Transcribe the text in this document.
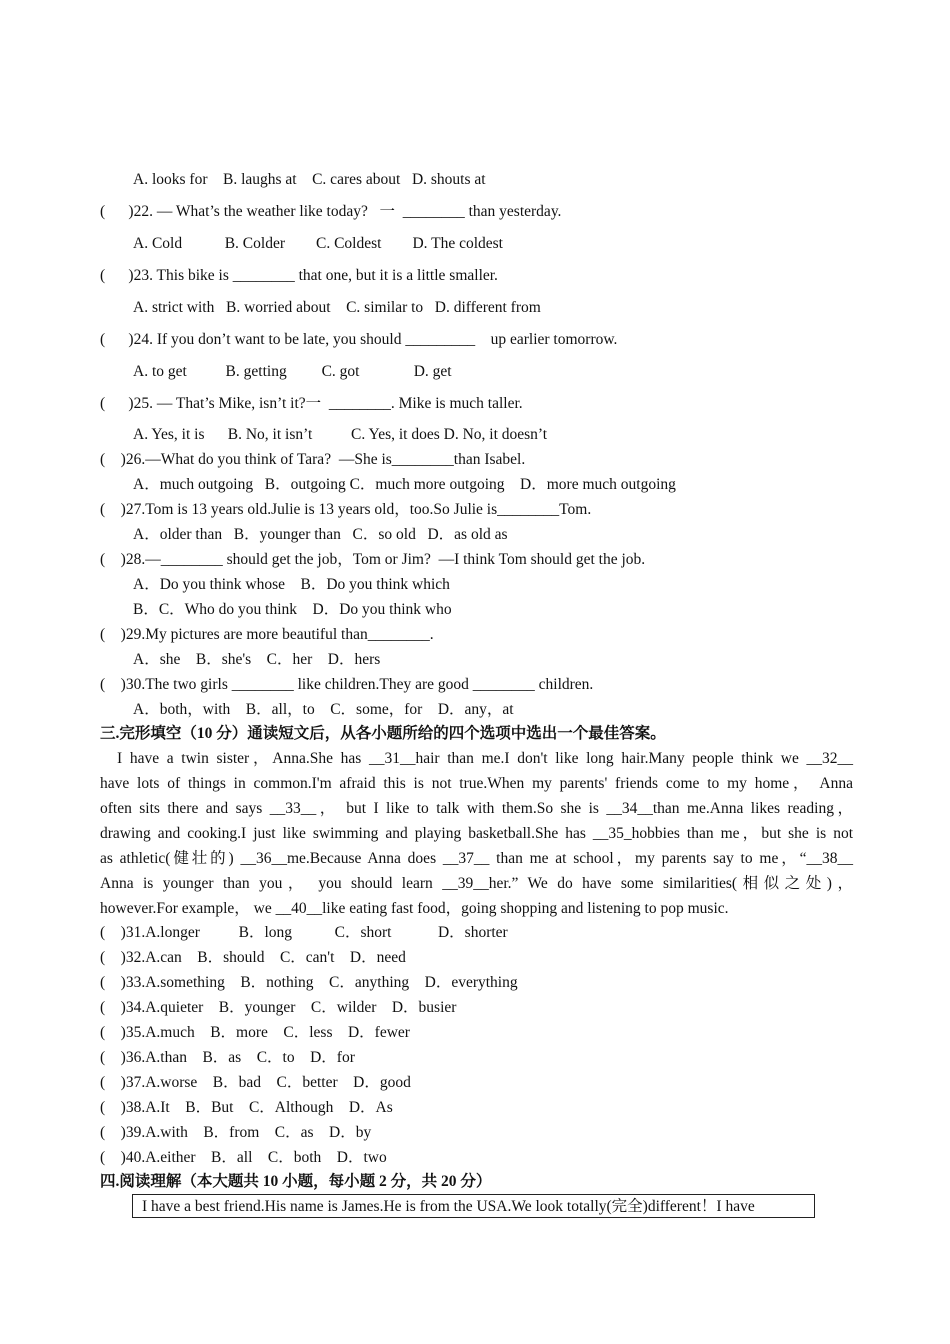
A. looks for    B. laughs at    C. cares about   D. shouts at
(      )22. — What’s the weather like today?   一  ________ than yesterday.
A. Cold           B. Colder        C. Coldest        D. The coldest
(      )23. This bike is ________ that one, but it is a little smaller.
A. strict with   B. worried about    C. similar to   D. different from
(      )24. If you don’t want to be late, you should _________    up earlier tomorrow.
A. to get          B. getting         C. got              D. get
(      )25. — That’s Mike, isn’t it?一  ________. Mike is much taller.
A. Yes, it is      B. No, it isn’t          C. Yes, it does D. No, it doesn’t
(    )26.—What do you think of Tara?  —She is________than Isabel.
A．much outgoing   B．outgoing C．much more outgoing    D．more much outgoing
(    )27.Tom is 13 years old.Julie is 13 years old，too.So Julie is________Tom.
A．older than   B．younger than   C．so old   D．as old as
(    )28.—________ should get the job，Tom or Jim?  —I think Tom should get the job.
A．Do you think whose    B．Do you think which
B．C．Who do you think    D．Do you think who
(    )29.My pictures are more beautiful than________.
A．she    B．she's    C．her    D．hers
(    )30.The two girls ________ like children.They are good ________ children.
A．both，with    B．all，to    C．some，for    D．any，at
三.完形填空（10 分）通读短文后，从各小题所给的四个选项中选出一个最佳答案。
I have a twin sister，Anna.She has __31__hair than me.I don't like long hair.Many people think we __32__
have lots of things in common.I'm afraid this is not true.When my parents' friends come to my home， Anna
often sits there and says __33__， but I like to talk with them.So she is __34__than me.Anna likes reading，
drawing and cooking.I just like swimming and playing basketball.She has __35_hobbies than me，but she is not
as athletic(健壮的) __36__me.Because Anna does __37__ than me at school，my parents say to me，“__38__
Anna is younger than you， you should learn __39__her.” We do have some similarities(相似之处)，
however.For example， we __40__like eating fast food，going shopping and listening to pop music.
(    )31.A.longer          B．long           C．short            D．shorter
(    )32.A.can    B．should    C．can't    D．need
(    )33.A.something    B．nothing    C．anything    D．everything
(    )34.A.quieter    B．younger    C．wilder    D．busier
(    )35.A.much    B．more    C．less    D．fewer
(    )36.A.than    B．as    C．to    D．for
(    )37.A.worse    B．bad    C．better    D．good
(    )38.A.It    B．But    C．Although    D．As
(    )39.A.with    B．from    C．as    D．by
(    )40.A.either    B．all    C．both    D．two
四.阅读理解（本大题共 10 小题，每小题 2 分，共 20 分）
I have a best friend.His name is James.He is from the USA.We look totally(完全)different！I have
